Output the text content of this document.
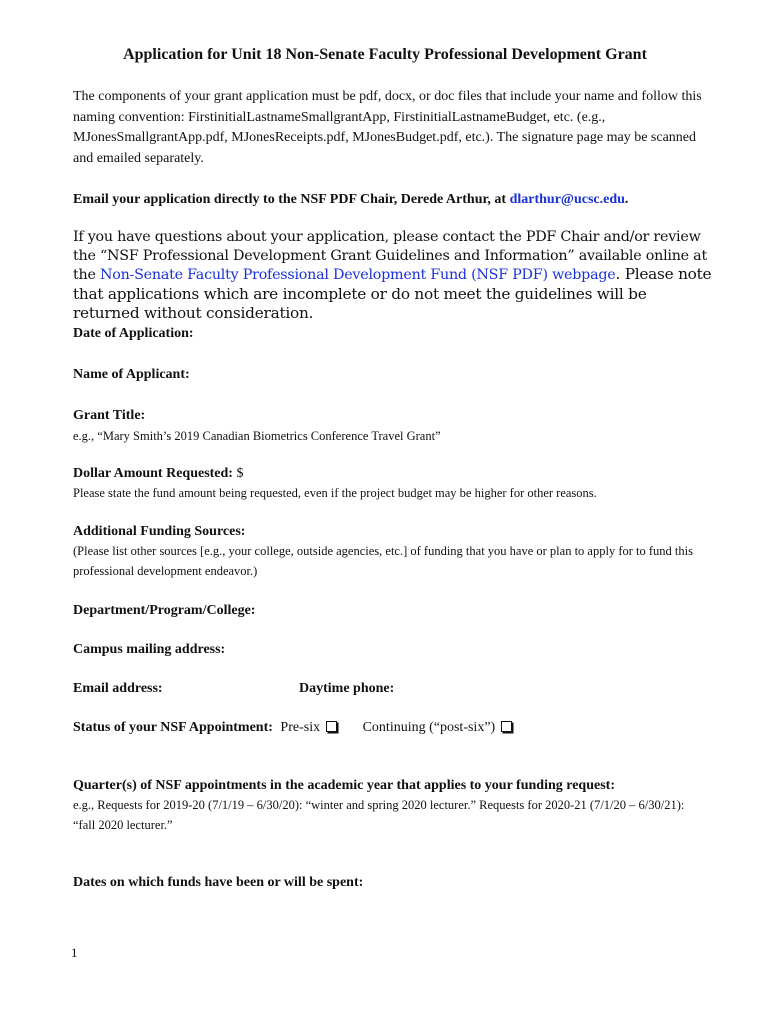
Application for Unit 18 Non-Senate Faculty Professional Development Grant
The components of your grant application must be pdf, docx, or doc files that include your name and follow this naming convention: FirstinitialLastnameSmallgrantApp, FirstinitialLastnameBudget, etc. (e.g., MJonesSmallgrantApp.pdf, MJonesReceipts.pdf, MJonesBudget.pdf, etc.). The signature page may be scanned and emailed separately.
Email your application directly to the NSF PDF Chair, Derede Arthur, at dlarthur@ucsc.edu.
If you have questions about your application, please contact the PDF Chair and/or review the “NSF Professional Development Grant Guidelines and Information” available online at the Non-Senate Faculty Professional Development Fund (NSF PDF) webpage. Please note that applications which are incomplete or do not meet the guidelines will be returned without consideration.
Date of Application:
Name of Applicant:
Grant Title:
e.g., “Mary Smith’s 2019 Canadian Biometrics Conference Travel Grant”
Dollar Amount Requested: $
Please state the fund amount being requested, even if the project budget may be higher for other reasons.
Additional Funding Sources:
(Please list other sources [e.g., your college, outside agencies, etc.] of funding that you have or plan to apply for to fund this professional development endeavor.)
Department/Program/College:
Campus mailing address:
Email address:	Daytime phone:
Status of your NSF Appointment: Pre-six	Continuing (“post-six”)
Quarter(s) of NSF appointments in the academic year that applies to your funding request:
e.g., Requests for 2019-20 (7/1/19 – 6/30/20): “winter and spring 2020 lecturer.” Requests for 2020-21 (7/1/20 – 6/30/21): “fall 2020 lecturer.”
Dates on which funds have been or will be spent:
1
